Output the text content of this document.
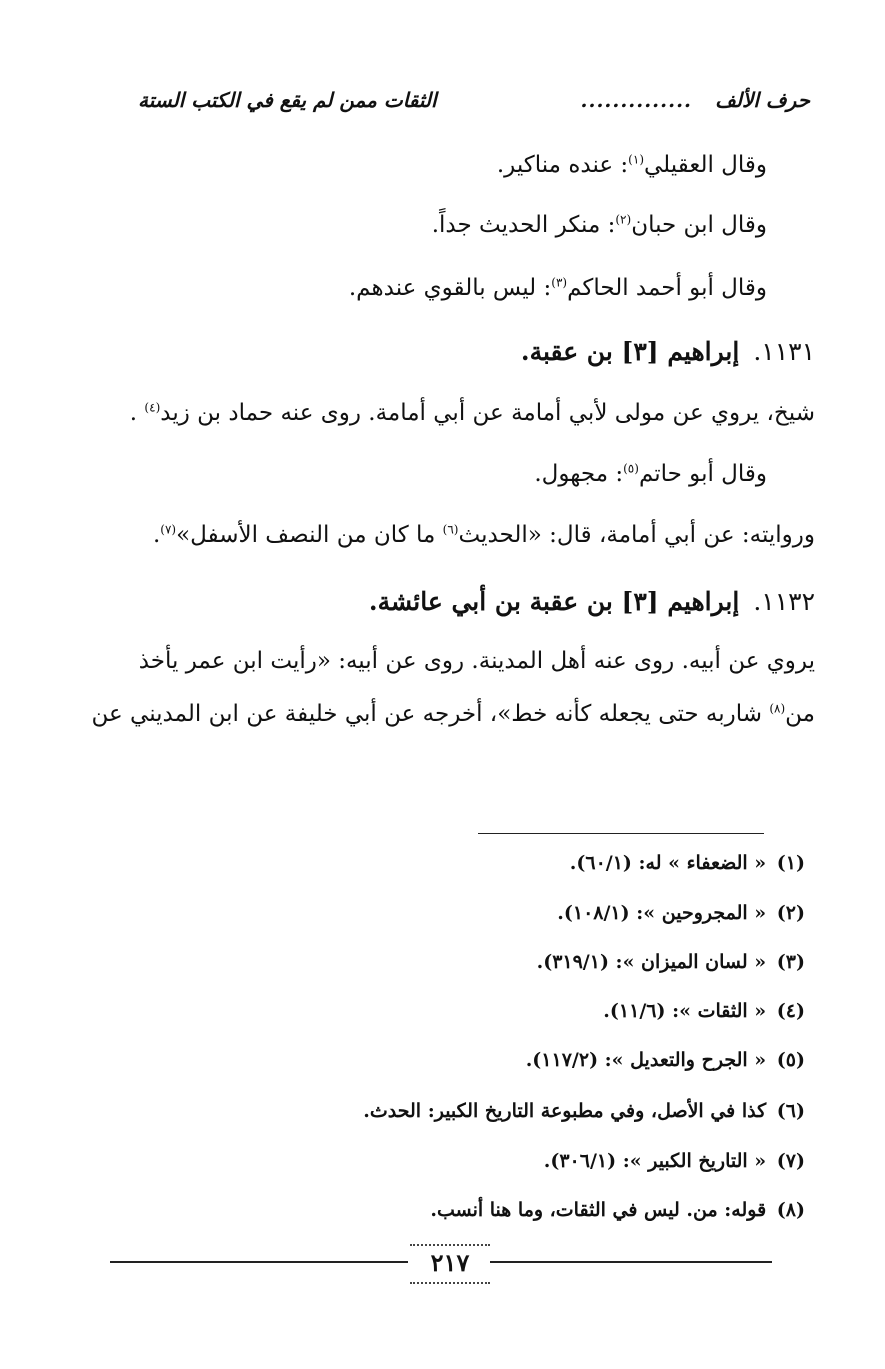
حرف الألف
..............
الثقات ممن لم يقع في الكتب الستة
وقال العقيلي$^{(١)}$: عنده مناكير.
وقال ابن حبان$^{(٢)}$: منكر الحديث جداً.
وقال أبو أحمد الحاكم$^{(٣)}$: ليس بالقوي عندهم.
١١٣١.إبراهيم [٣] بن عقبة.
شيخ، يروي عن مولى لأبي أمامة عن أبي أمامة. روى عنه حماد بن زيد$^{(٤)}$ .
وقال أبو حاتم$^{(٥)}$: مجهول.
وروايته: عن أبي أمامة، قال: «الحديث$^{(٦)}$ ما كان من النصف الأسفل»$^{(٧)}$.
١١٣٢.إبراهيم [٣] بن عقبة بن أبي عائشة.
يروي عن أبيه. روى عنه أهل المدينة. روى عن أبيه: «رأيت ابن عمر يأخذ
من$^{(٨)}$ شاربه حتى يجعله كأنه خط»، أخرجه عن أبي خليفة عن ابن المديني عن
(١) « الضعفاء » له: (٦٠/١).
(٢) « المجروحين »: (١٠٨/١).
(٣) « لسان الميزان »: (٣١٩/١).
(٤) « الثقات »: (١١/٦).
(٥) « الجرح والتعديل »: (١١٧/٢).
(٦) كذا في الأصل، وفي مطبوعة التاريخ الكبير: الحدث.
(٧) « التاريخ الكبير »: (٣٠٦/١).
(٨) قوله: من. ليس في الثقات، وما هنا أنسب.
٢١٧
